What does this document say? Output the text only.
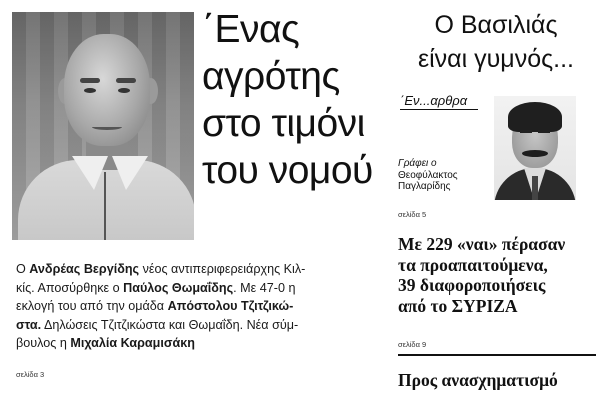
΄Ενας
αγρότης
στο τιμόνι
του νομού
Ο Ανδρέας Βεργίδης νέος αντιπεριφερειάρχης Κιλ-
κίς. Αποσύρθηκε ο Παύλος Θωμαΐδης. Με 47-0 η
εκλογή του από την ομάδα Απόστολου Τζιτζικώ-
στα. Δηλώσεις Τζιτζικώστα και Θωμαΐδη. Νέα σύμ-
βουλος η Μιχαλία Καραμισάκη
σελίδα 3
Ο Βασιλιάς
είναι γυμνός...
΄Εν...αρθρα
Γράφει ο
Θεοφύλακτος
Παγλαρίδης
σελίδα 5
Με 229 «ναι» πέρασαν
τα προαπαιτούμενα,
39 διαφοροποιήσεις
από το ΣΥΡΙΖΑ
σελίδα 9
Προς ανασχηματισμό
